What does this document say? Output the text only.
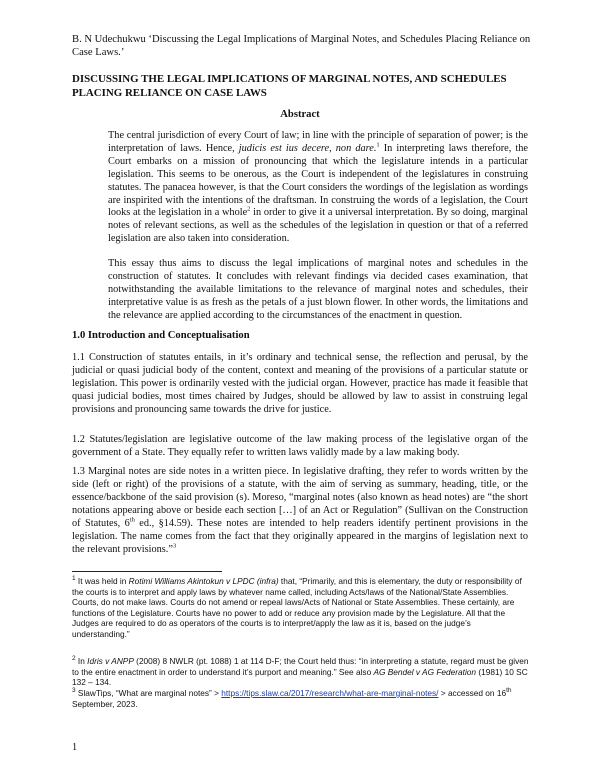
B. N Udechukwu ‘Discussing the Legal Implications of Marginal Notes, and Schedules Placing Reliance on Case Laws.’
DISCUSSING THE LEGAL IMPLICATIONS OF MARGINAL NOTES, AND SCHEDULES PLACING RELIANCE ON CASE LAWS
Abstract
The central jurisdiction of every Court of law; in line with the principle of separation of power; is the interpretation of laws. Hence, judicis est ius decere, non dare.$^1$ In interpreting laws therefore, the Court embarks on a mission of pronouncing that which the legislature intends in a particular legislation. This seems to be onerous, as the Court is independent of the legislatures in construing statutes. The panacea however, is that the Court considers the wordings of the legislation as wordings are inspirited with the intentions of the draftsman. In construing the words of a legislation, the Court looks at the legislation in a whole$^2$ in order to give it a universal interpretation. By so doing, marginal notes of relevant sections, as well as the schedules of the legislation in question or that of a referred legislation are also taken into consideration.
This essay thus aims to discuss the legal implications of marginal notes and schedules in the construction of statutes. It concludes with relevant findings via decided cases examination, that notwithstanding the available limitations to the relevance of marginal notes and schedules, their interpretative value is as fresh as the petals of a just blown flower. In other words, the limitations and the relevance are applied according to the circumstances of the enactment in question.
1.0 Introduction and Conceptualisation
1.1 Construction of statutes entails, in it’s ordinary and technical sense, the reflection and perusal, by the judicial or quasi judicial body of the content, context and meaning of the provisions of a particular statute or legislation. This power is ordinarily vested with the judicial organ. However, practice has made it feasible that quasi judicial bodies, most times chaired by Judges, should be allowed by law to assist in construing legal provisions and pronouncing same towards the drive for justice.
1.2 Statutes/legislation are legislative outcome of the law making process of the legislative organ of the government of a State. They equally refer to written laws validly made by a law making body.
1.3 Marginal notes are side notes in a written piece. In legislative drafting, they refer to words written by the side (left or right) of the provisions of a statute, with the aim of serving as summary, heading, title, or the essence/backbone of the said provision (s). Moreso, “marginal notes (also known as head notes) are “the short notations appearing above or beside each section […] of an Act or Regulation” (Sullivan on the Construction of Statutes, 6th ed., §14.59). These notes are intended to help readers identify pertinent provisions in the legislation. The name comes from the fact that they originally appeared in the margins of legislation next to the relevant provisions.”$^3$
$^1$ It was held in Rotimi Williams Akintokun v LPDC (infra) that, “Primarily, and this is elementary, the duty or responsibility of the courts is to interpret and apply laws by whatever name called, including Acts/laws of the National/State Assemblies. Courts, do not make laws. Courts do not amend or repeal laws/Acts of National or State Assemblies. These certainly, are functions of the Legislature. Courts have no power to add or reduce any provision made by the Legislature. All that the Judges are required to do as operators of the courts is to interpret/apply the law as it is, based on the judge’s understanding.”
$^2$ In Idris v ANPP (2008) 8 NWLR (pt. 1088) 1 at 114 D-F; the Court held thus: “in interpreting a statute, regard must be given to the entire enactment in order to understand it’s purport and meaning.” See also AG Bendel v AG Federation (1981) 10 SC 132 – 134.
$^3$ SlawTips, “What are marginal notes” > https://tips.slaw.ca/2017/research/what-are-marginal-notes/ > accessed on 16th September, 2023.
1
